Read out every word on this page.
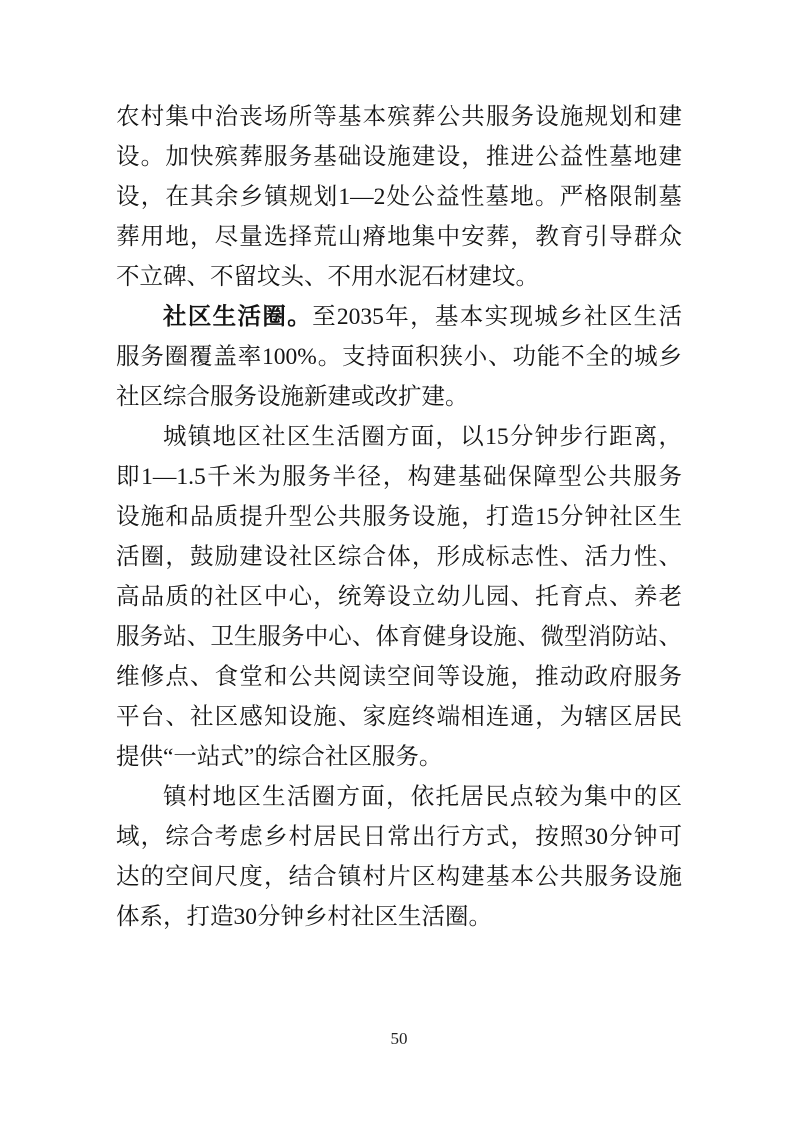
农村集中治丧场所等基本殡葬公共服务设施规划和建
设。加快殡葬服务基础设施建设，推进公益性墓地建
设，在其余乡镇规划1—2处公益性墓地。严格限制墓
葬用地，尽量选择荒山瘠地集中安葬，教育引导群众
不立碑、不留坟头、不用水泥石材建坟。
社区生活圈。至2035年，基本实现城乡社区生活
服务圈覆盖率100%。支持面积狭小、功能不全的城乡
社区综合服务设施新建或改扩建。
城镇地区社区生活圈方面，以15分钟步行距离，
即1—1.5千米为服务半径，构建基础保障型公共服务
设施和品质提升型公共服务设施，打造15分钟社区生
活圈，鼓励建设社区综合体，形成标志性、活力性、
高品质的社区中心，统筹设立幼儿园、托育点、养老
服务站、卫生服务中心、体育健身设施、微型消防站、
维修点、食堂和公共阅读空间等设施，推动政府服务
平台、社区感知设施、家庭终端相连通，为辖区居民
提供“一站式”的综合社区服务。
镇村地区生活圈方面，依托居民点较为集中的区
域，综合考虑乡村居民日常出行方式，按照30分钟可
达的空间尺度，结合镇村片区构建基本公共服务设施
体系，打造30分钟乡村社区生活圈。
50
